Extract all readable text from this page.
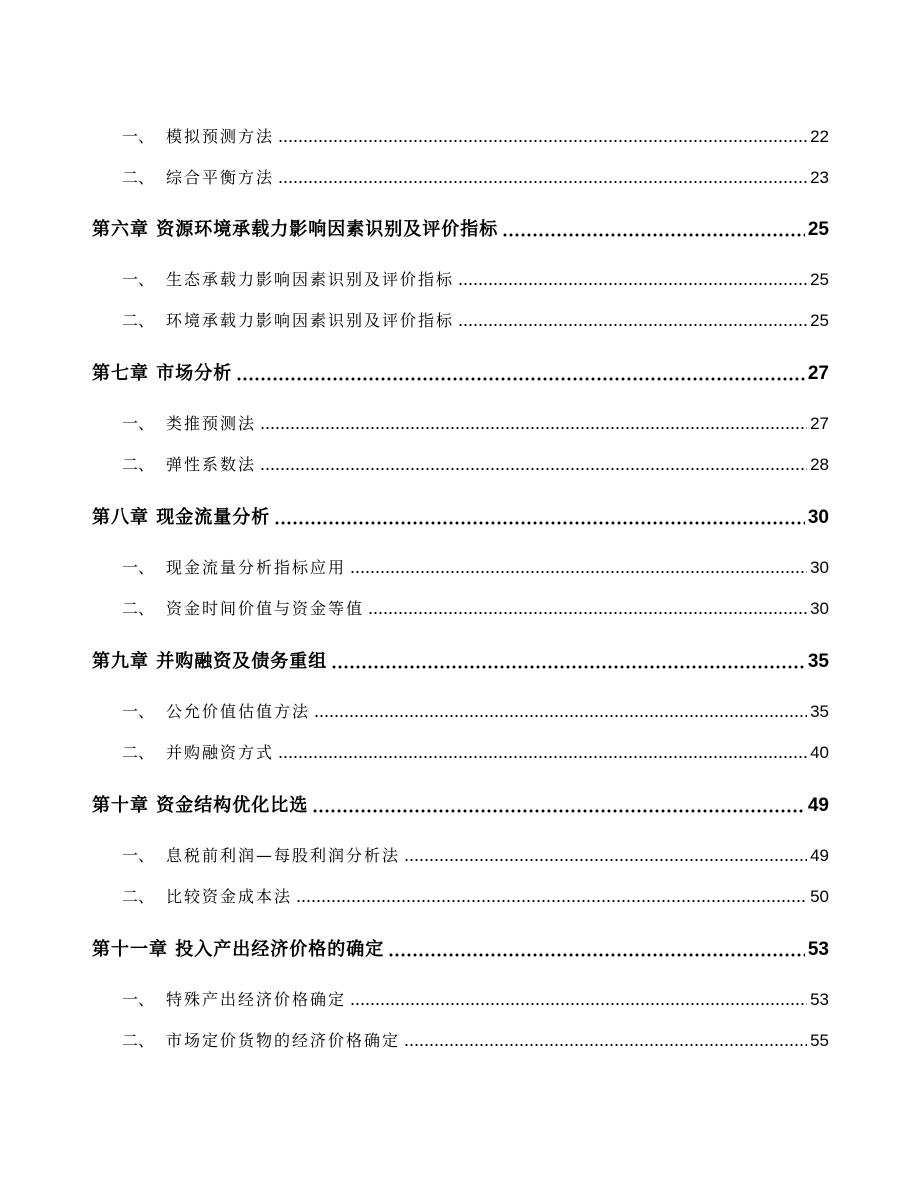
一、 模拟预测方法	22
二、 综合平衡方法	23
第六章 资源环境承载力影响因素识别及评价指标	25
一、 生态承载力影响因素识别及评价指标	25
二、 环境承载力影响因素识别及评价指标	25
第七章 市场分析	27
一、 类推预测法	27
二、 弹性系数法	28
第八章 现金流量分析	30
一、 现金流量分析指标应用	30
二、 资金时间价值与资金等值	30
第九章 并购融资及债务重组	35
一、 公允价值估值方法	35
二、 并购融资方式	40
第十章 资金结构优化比选	49
一、 息税前利润—每股利润分析法	49
二、 比较资金成本法	50
第十一章 投入产出经济价格的确定	53
一、 特殊产出经济价格确定	53
二、 市场定价货物的经济价格确定	55
